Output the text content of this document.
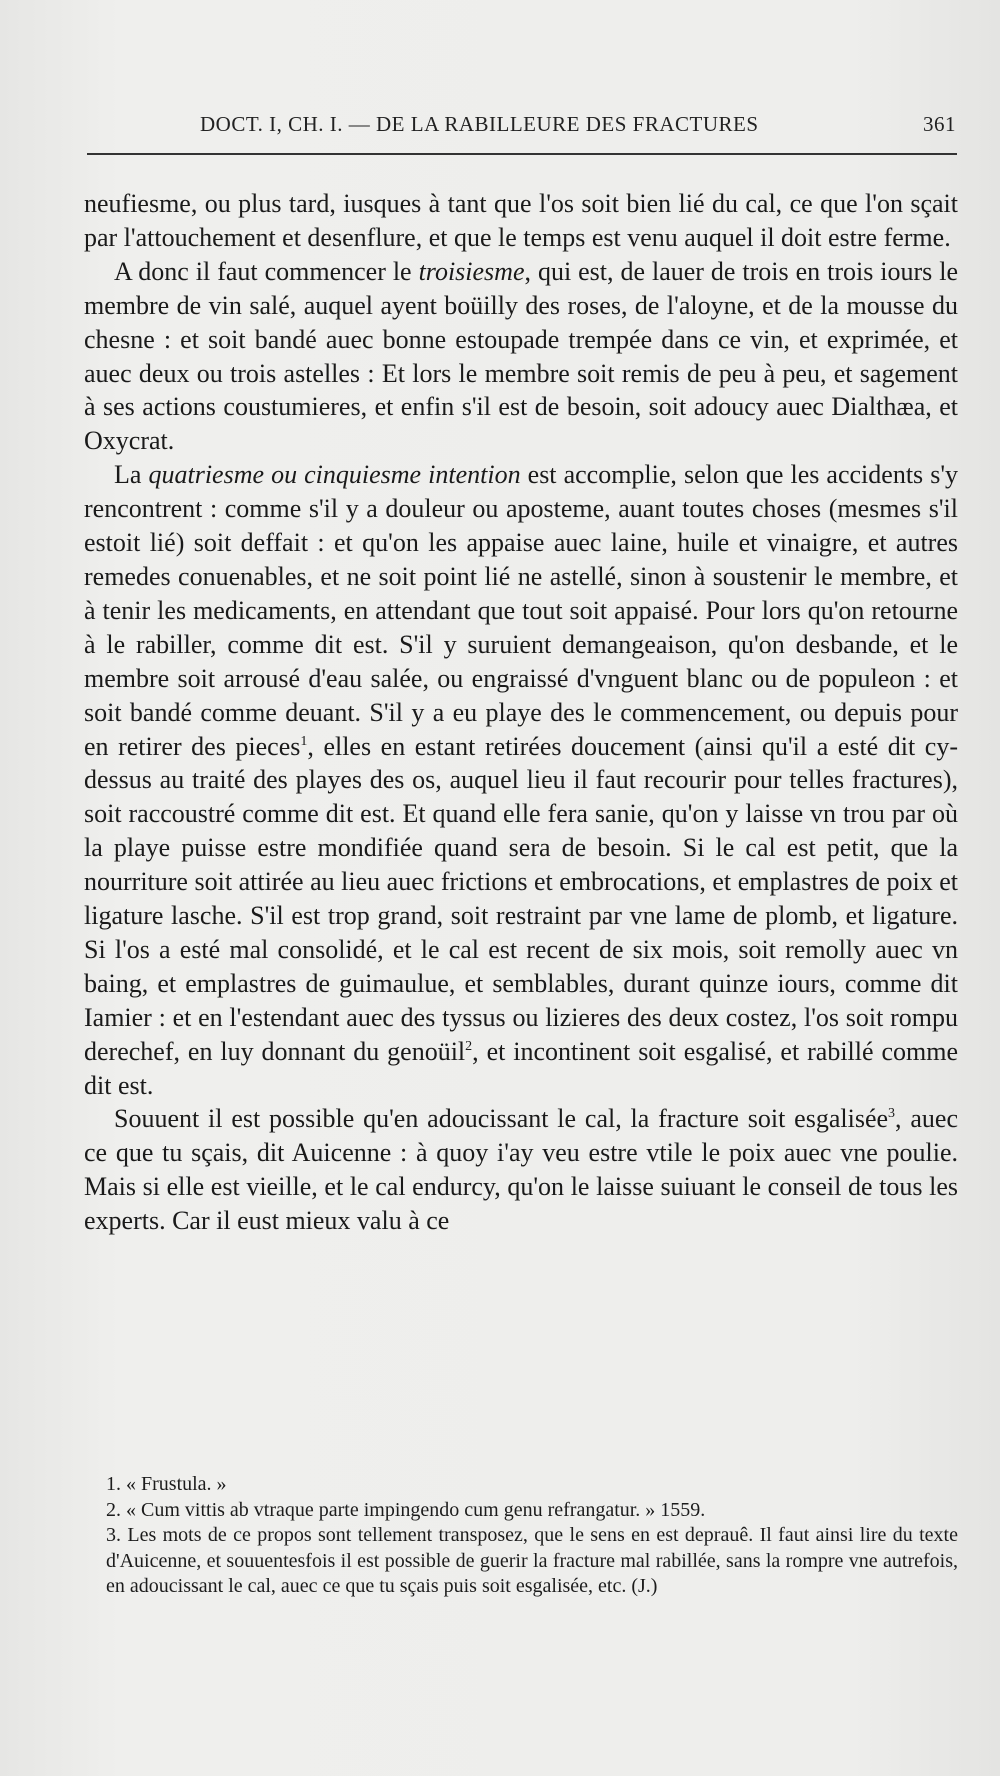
DOCT. I, CH. I. — DE LA RABILLEURE DES FRACTURES	361

neufiesme, ou plus tard, iusques à tant que l'os soit bien lié du cal, ce que l'on sçait par l'attouchement et desenflure, et que le temps est venu auquel il doit estre ferme.

A donc il faut commencer le troisiesme, qui est, de lauer de trois en trois iours le membre de vin salé, auquel ayent boüilly des roses, de l'aloyne, et de la mousse du chesne : et soit bandé auec bonne estoupade trempée dans ce vin, et exprimée, et auec deux ou trois astelles : Et lors le membre soit remis de peu à peu, et sagement à ses actions coustumieres, et enfin s'il est de besoin, soit adoucy auec Dialthæa, et Oxycrat.

La quatriesme ou cinquiesme intention est accomplie, selon que les accidents s'y rencontrent : comme s'il y a douleur ou aposteme, auant toutes choses (mesmes s'il estoit lié) soit deffait : et qu'on les appaise auec laine, huile et vinaigre, et autres remedes conuenables, et ne soit point lié ne astellé, sinon à soustenir le membre, et à tenir les medicaments, en attendant que tout soit appaisé. Pour lors qu'on retourne à le rabiller, comme dit est. S'il y suruient demangeaison, qu'on desbande, et le membre soit arrousé d'eau salée, ou engraissé d'vnguent blanc ou de populeon : et soit bandé comme deuant. S'il y a eu playe des le commencement, ou depuis pour en retirer des pieces$^1$, elles en estant retirées doucement (ainsi qu'il a esté dit cy-dessus au traité des playes des os, auquel lieu il faut recourir pour telles fractures), soit raccoustré comme dit est. Et quand elle fera sanie, qu'on y laisse vn trou par où la playe puisse estre mondifiée quand sera de besoin. Si le cal est petit, que la nourriture soit attirée au lieu auec frictions et embrocations, et emplastres de poix et ligature lasche. S'il est trop grand, soit restraint par vne lame de plomb, et ligature. Si l'os a esté mal consolidé, et le cal est recent de six mois, soit remolly auec vn baing, et emplastres de guimaulue, et semblables, durant quinze iours, comme dit Iamier : et en l'estendant auec des tyssus ou lizieres des deux costez, l'os soit rompu derechef, en luy donnant du genoüil$^2$, et incontinent soit esgalisé, et rabillé comme dit est.

Souuent il est possible qu'en adoucissant le cal, la fracture soit esgalisée$^3$, auec ce que tu sçais, dit Auicenne : à quoy i'ay veu estre vtile le poix auec vne poulie. Mais si elle est vieille, et le cal endurcy, qu'on le laisse suiuant le conseil de tous les experts. Car il eust mieux valu à ce

1. « Frustula. »

2. « Cum vittis ab vtraque parte impingendo cum genu refrangatur. » 1559.

3. Les mots de ce propos sont tellement transposez, que le sens en est deprauê. Il faut ainsi lire du texte d'Auicenne, et souuentesfois il est possible de guerir la fracture mal rabillée, sans la rompre vne autrefois, en adoucissant le cal, auec ce que tu sçais puis soit esgalisée, etc. (J.)
